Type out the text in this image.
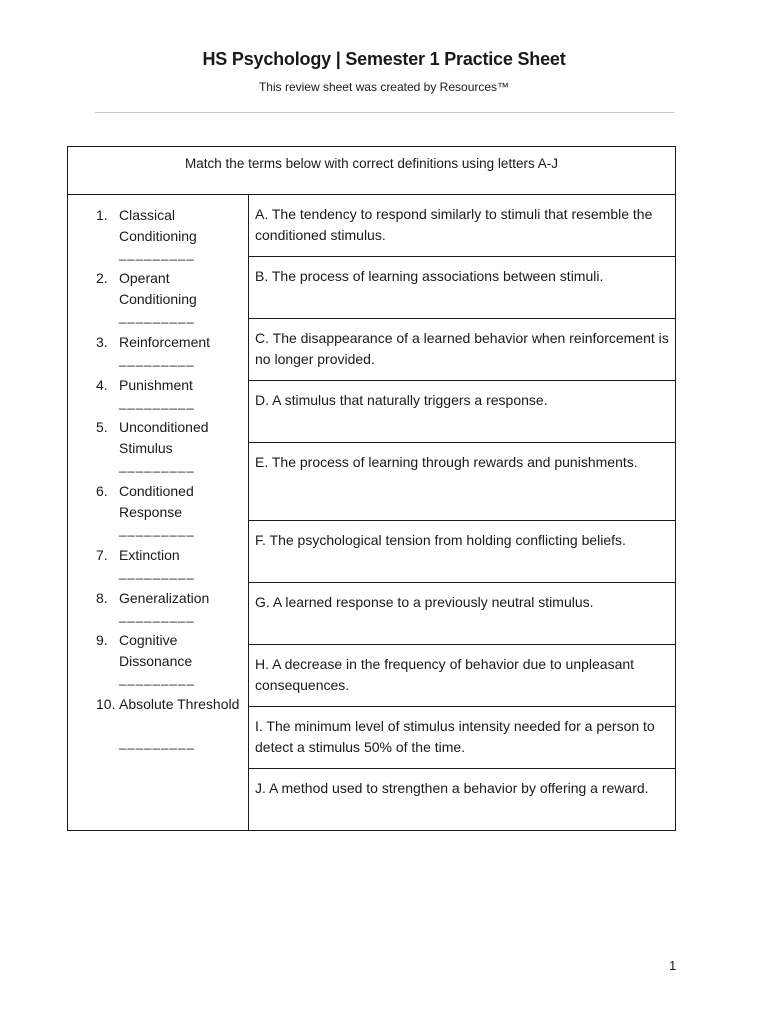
HS Psychology | Semester 1 Practice Sheet
This review sheet was created by Resources™
Match the terms below with correct definitions using letters A-J
1. Classical Conditioning
_________
2. Operant Conditioning
_________
3. Reinforcement
_________
4. Punishment
_________
5. Unconditioned Stimulus
_________
6. Conditioned Response
_________
7. Extinction
_________
8. Generalization
_________
9. Cognitive Dissonance
_________
10. Absolute Threshold
_________
A. The tendency to respond similarly to stimuli that resemble the conditioned stimulus.
B. The process of learning associations between stimuli.
C. The disappearance of a learned behavior when reinforcement is no longer provided.
D. A stimulus that naturally triggers a response.
E. The process of learning through rewards and punishments.
F. The psychological tension from holding conflicting beliefs.
G. A learned response to a previously neutral stimulus.
H. A decrease in the frequency of behavior due to unpleasant consequences.
I. The minimum level of stimulus intensity needed for a person to detect a stimulus 50% of the time.
J. A method used to strengthen a behavior by offering a reward.
1
